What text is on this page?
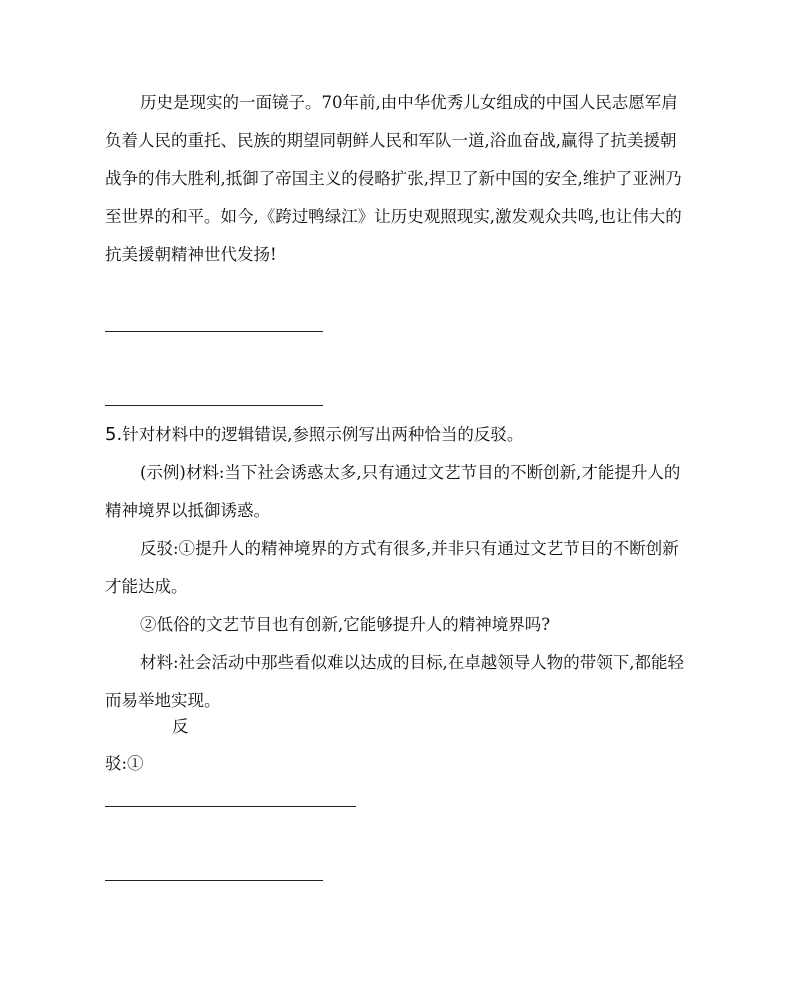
历史是现实的一面镜子。70年前,由中华优秀儿女组成的中国人民志愿军肩
负着人民的重托、民族的期望同朝鲜人民和军队一道,浴血奋战,赢得了抗美援朝
战争的伟大胜利,抵御了帝国主义的侵略扩张,捍卫了新中国的安全,维护了亚洲乃
至世界的和平。如今,《跨过鸭绿江》让历史观照现实,激发观众共鸣,也让伟大的
抗美援朝精神世代发扬!
5.针对材料中的逻辑错误,参照示例写出两种恰当的反驳。
(示例)材料:当下社会诱惑太多,只有通过文艺节目的不断创新,才能提升人的
精神境界以抵御诱惑。
反驳:①提升人的精神境界的方式有很多,并非只有通过文艺节目的不断创新
才能达成。
②低俗的文艺节目也有创新,它能够提升人的精神境界吗?
材料:社会活动中那些看似难以达成的目标,在卓越领导人物的带领下,都能轻
而易举地实现。
反
驳:①
